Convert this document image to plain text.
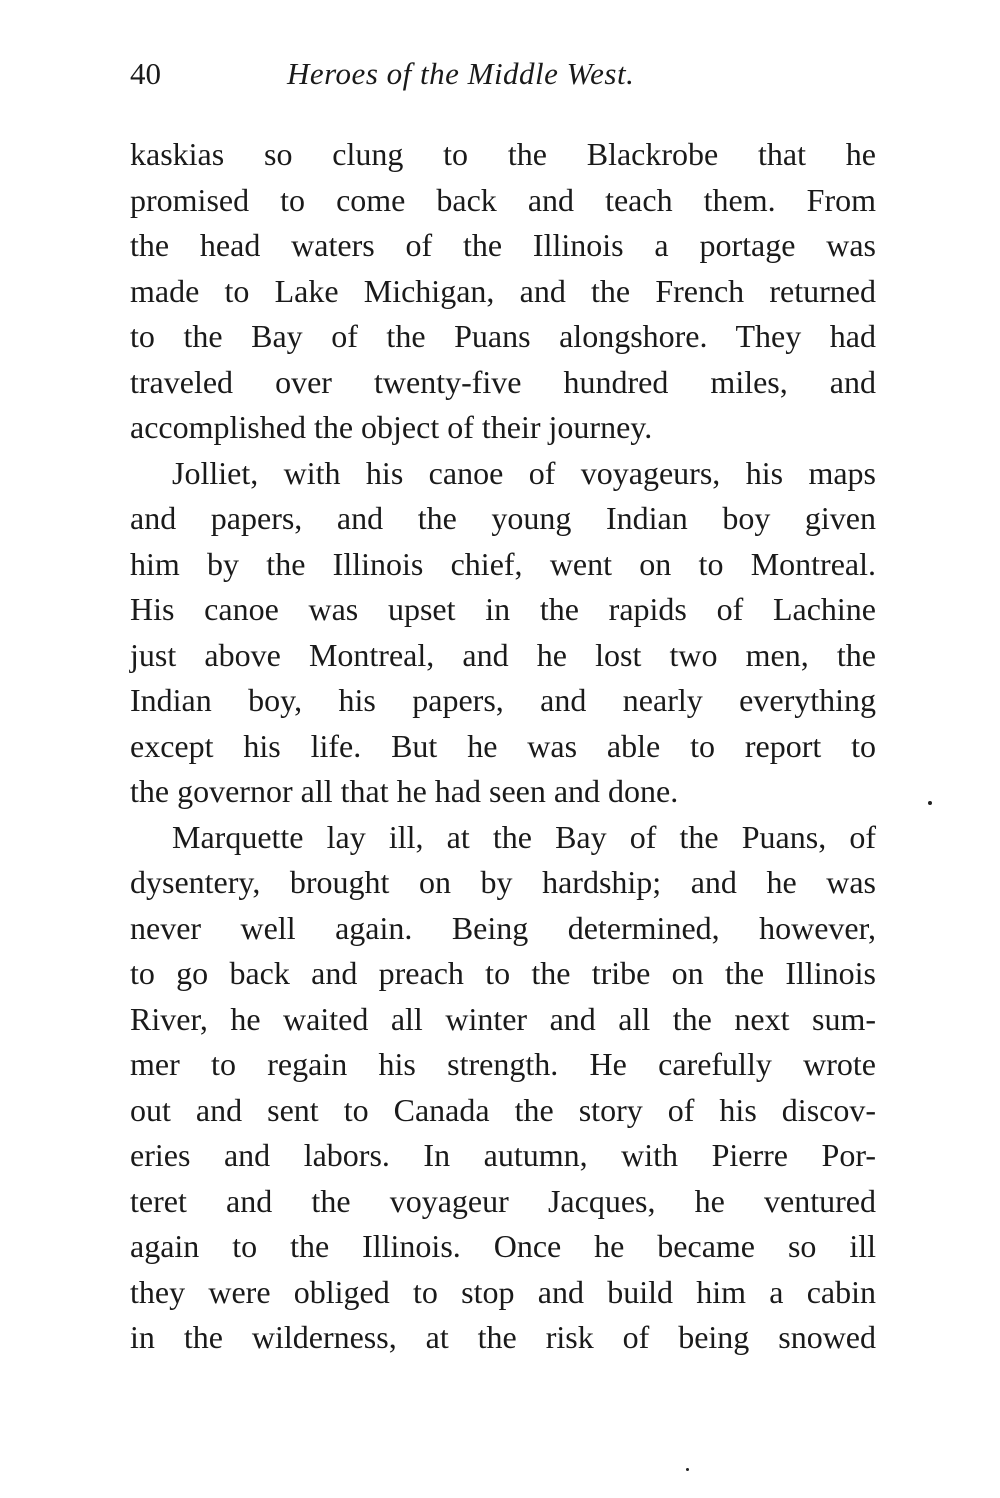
40	Heroes of the Middle West.
kaskias so clung to the Blackrobe that he
promised to come back and teach them. From
the head waters of the Illinois a portage was
made to Lake Michigan, and the French returned
to the Bay of the Puans alongshore. They had
traveled over twenty-five hundred miles, and
accomplished the object of their journey.
Jolliet, with his canoe of voyageurs, his maps
and papers, and the young Indian boy given
him by the Illinois chief, went on to Montreal.
His canoe was upset in the rapids of Lachine
just above Montreal, and he lost two men, the
Indian boy, his papers, and nearly everything
except his life. But he was able to report to
the governor all that he had seen and done.
Marquette lay ill, at the Bay of the Puans, of
dysentery, brought on by hardship; and he was
never well again. Being determined, however,
to go back and preach to the tribe on the Illinois
River, he waited all winter and all the next sum-
mer to regain his strength. He carefully wrote
out and sent to Canada the story of his discov-
eries and labors. In autumn, with Pierre Por-
teret and the voyageur Jacques, he ventured
again to the Illinois. Once he became so ill
they were obliged to stop and build him a cabin
in the wilderness, at the risk of being snowed
